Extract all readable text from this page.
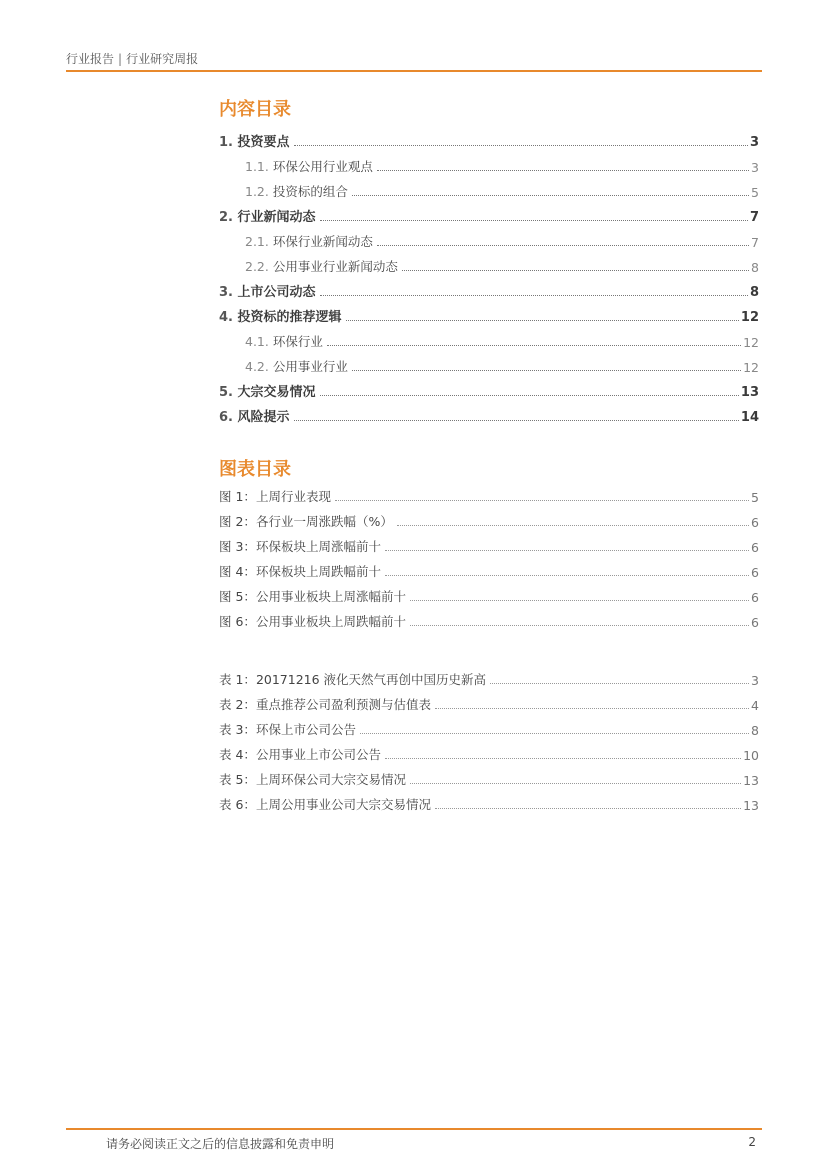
行业报告 | 行业研究周报
内容目录
1. 投资要点	3
1.1. 环保公用行业观点	3
1.2. 投资标的组合	5
2. 行业新闻动态	7
2.1. 环保行业新闻动态	7
2.2. 公用事业行业新闻动态	8
3. 上市公司动态	8
4. 投资标的推荐逻辑	12
4.1. 环保行业	12
4.2. 公用事业行业	12
5. 大宗交易情况	13
6. 风险提示	14
图表目录
图 1：上周行业表现	5
图 2：各行业一周涨跌幅（%）	6
图 3：环保板块上周涨幅前十	6
图 4：环保板块上周跌幅前十	6
图 5：公用事业板块上周涨幅前十	6
图 6：公用事业板块上周跌幅前十	6
表 1：20171216 液化天然气再创中国历史新高	3
表 2：重点推荐公司盈利预测与估值表	4
表 3：环保上市公司公告	8
表 4：公用事业上市公司公告	10
表 5：上周环保公司大宗交易情况	13
表 6：上周公用事业公司大宗交易情况	13
请务必阅读正文之后的信息披露和免责申明	2
